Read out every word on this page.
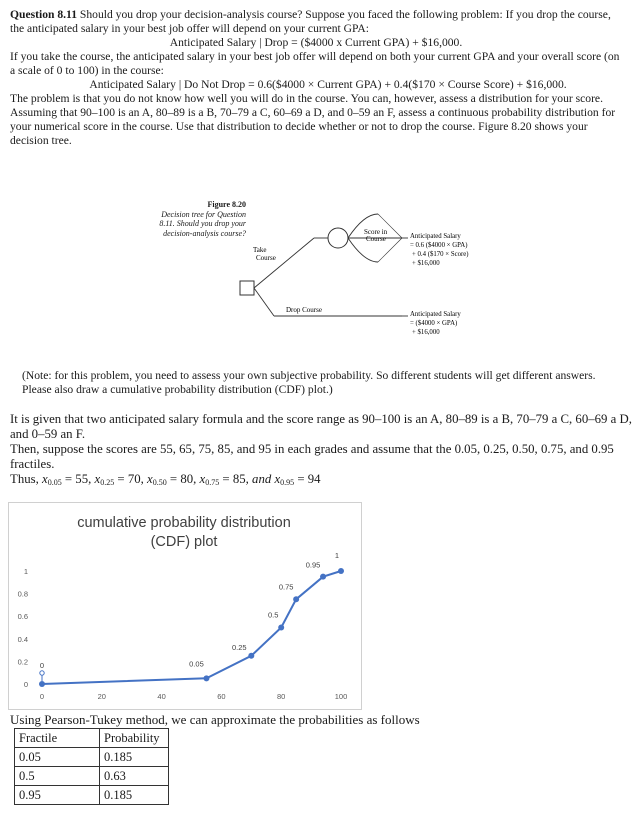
Question 8.11 Should you drop your decision-analysis course? Suppose you faced the following problem: If you drop the course, the anticipated salary in your best job offer will depend on your current GPA:

Anticipated Salary | Drop = ($4000 x Current GPA) + $16,000.

If you take the course, the anticipated salary in your best job offer will depend on both your current GPA and your overall score (on a scale of 0 to 100) in the course:

Anticipated Salary | Do Not Drop = 0.6($4000 × Current GPA) + 0.4($170 × Course Score) + $16,000.

The problem is that you do not know how well you will do in the course. You can, however, assess a distribution for your score. Assuming that 90–100 is an A, 80–89 is a B, 70–79 a C, 60–69 a D, and 0–59 an F, assess a continuous probability distribution for your numerical score in the course. Use that distribution to decide whether or not to drop the course. Figure 8.20 shows your decision tree.

Figure 8.20
Decision tree for Question 8.11. Should you drop your decision-analysis course?
Take Course
Score in Course
Drop Course
Anticipated Salary = 0.6 ($4000 × GPA) + 0.4 ($170 × Score) + $16,000
Anticipated Salary = ($4000 × GPA) + $16,000
(Note: for this problem, you need to assess your own subjective probability. So different students will get different answers. Please also draw a cumulative probability distribution (CDF) plot.)

It is given that two anticipated salary formula and the score range as 90–100 is an A, 80–89 is a B, 70–79 a C, 60–69 a D, and 0–59 an F.

Then, suppose the scores are 55, 65, 75, 85, and 95 in each grades and assume that the 0.05, 0.25, 0.50, 0.75, and 0.95 fractiles.

Thus, $x_{0.05} = 55$, $x_{0.25} = 70$, $x_{0.50} = 80$, $x_{0.75} = 85$, and $x_{0.95} = 94$

cumulative probability distribution (CDF) plot
0
0.2
0.4
0.6
0.8
1
0	20	40	60	80	100
0	0.05
0.25
0.5
0.75
0.95
1
Using Pearson-Tukey method, we can approximate the probabilities as follows
Fractile	Probability
0.05	0.185
0.5	0.63
0.95	0.185
